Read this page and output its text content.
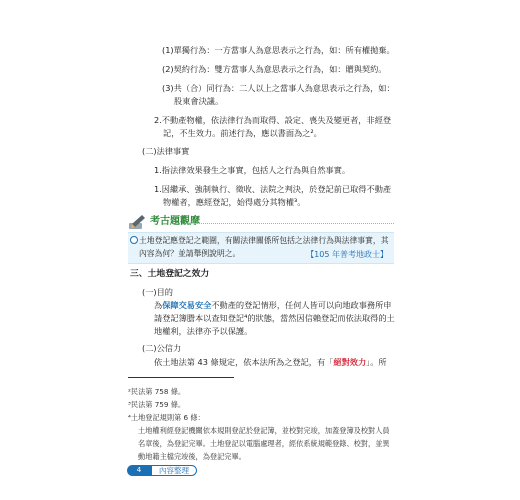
(1)單獨行為：一方當事人為意思表示之行為，如：所有權拋棄。
(2)契約行為：雙方當事人為意思表示之行為，如：贈與契約。
(3)共（合）同行為：二人以上之當事人為意思表示之行為，如：
股東會決議。
2.不動產物權，依法律行為而取得、設定、喪失及變更者，非經登
記，不生效力。前述行為，應以書面為之²。
(二)法律事實
1.指法律效果發生之事實，包括人之行為與自然事實。
1.因繼承、強制執行、徵收、法院之判決，於登記前已取得不動產
物權者，應經登記，始得處分其物權³。
考古題觀摩
土地登記應登記之範圍，有關法律關係所包括之法律行為與法律事實，其
內容為何？並請舉例說明之。	【105 年普考地政士】
三、土地登記之效力
(一)目的
為保障交易安全不動產的登記情形，任何人皆可以向地政事務所申
請登記簿謄本以查知登記⁴的狀態，當然因信賴登記而依法取得的土
地權利，法律亦予以保護。
(二)公信力
依土地法第 43 條規定，依本法所為之登記，有「絕對效力」。所
²民法第 758 條。
³民法第 759 條。
⁴土地登記規則第 6 條：
土地權利經登記機關依本規則登記於登記簿，並校對完竣，加蓋登簿及校對人員
名章後，為登記完畢。土地登記以電腦處理者，經依系統規範登錄、校對，並異
動地籍主檔完竣後，為登記完畢。
4	內容整理
